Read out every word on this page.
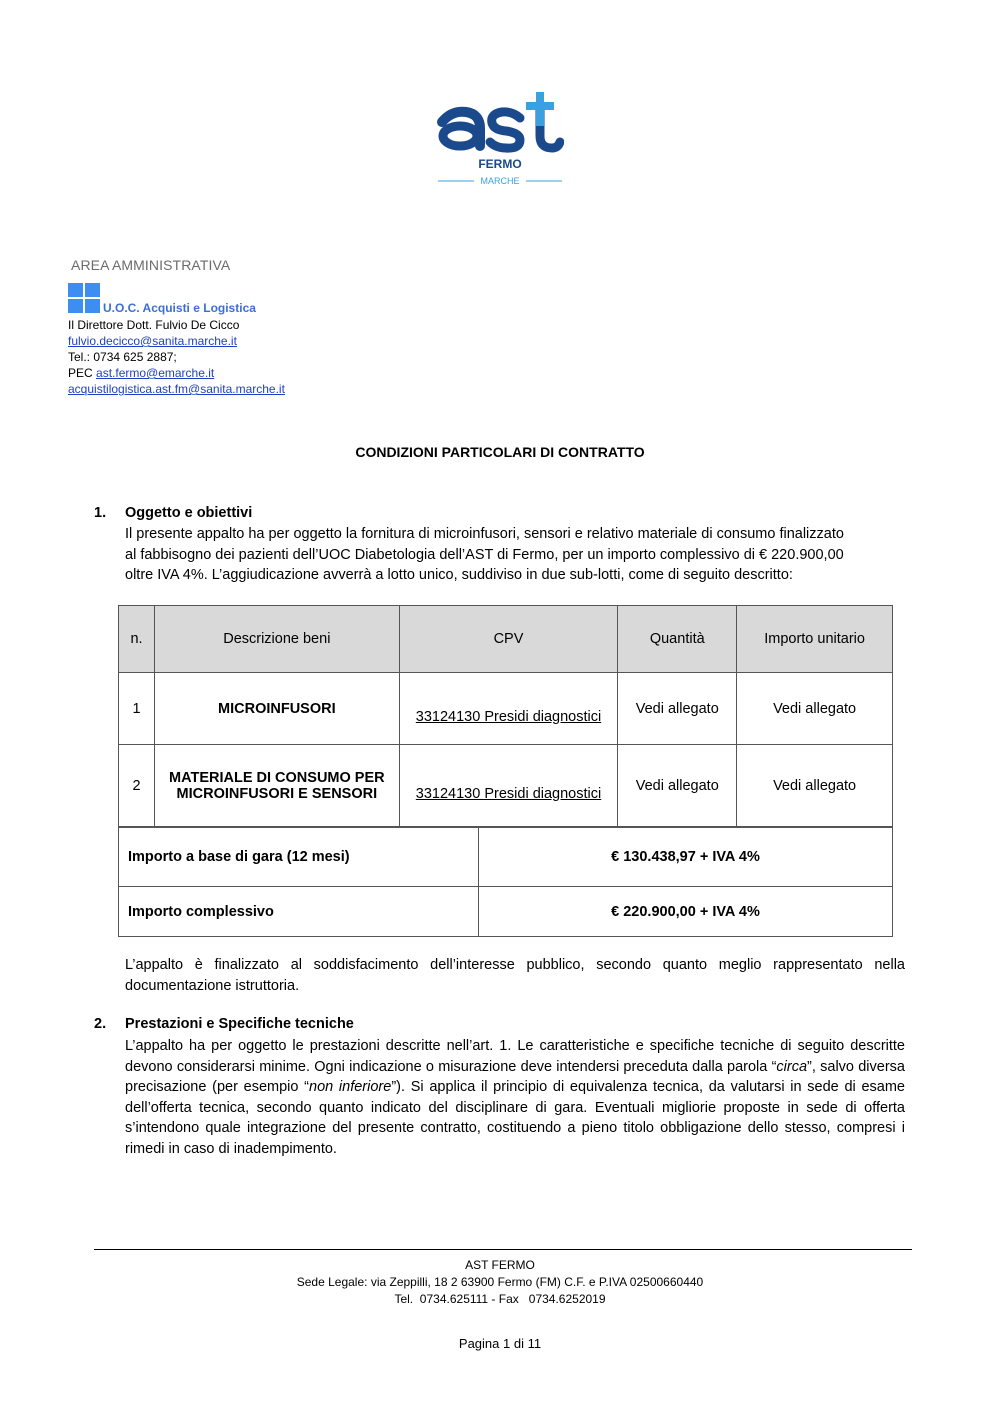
FERMO
MARCHE
AREA AMMINISTRATIVA
U.O.C. Acquisti e Logistica
Il Direttore Dott. Fulvio De Cicco
fulvio.decicco@sanita.marche.it
Tel.: 0734 625 2887;
PEC ast.fermo@emarche.it
acquistilogistica.ast.fm@sanita.marche.it
CONDIZIONI PARTICOLARI DI CONTRATTO
1. Oggetto e obiettivi
Il presente appalto ha per oggetto la fornitura di microinfusori, sensori e relativo materiale di consumo finalizzato
al fabbisogno dei pazienti dell’UOC Diabetologia dell’AST di Fermo, per un importo complessivo di € 220.900,00
oltre IVA 4%. L’aggiudicazione avverrà a lotto unico, suddiviso in due sub-lotti, come di seguito descritto:
n.	Descrizione beni	CPV	Quantità	Importo unitario
1	MICROINFUSORI	33124130 Presidi diagnostici	Vedi allegato	Vedi allegato
2	MATERIALE DI CONSUMO PER
MICROINFUSORI E SENSORI	33124130 Presidi diagnostici	Vedi allegato	Vedi allegato
Importo a base di gara (12 mesi)	€ 130.438,97 + IVA 4%
Importo complessivo	€ 220.900,00 + IVA 4%
L’appalto è finalizzato al soddisfacimento dell’interesse pubblico, secondo quanto meglio rappresentato nella documentazione istruttoria.
2. Prestazioni e Specifiche tecniche
L’appalto ha per oggetto le prestazioni descritte nell’art. 1. Le caratteristiche e specifiche tecniche di seguito descritte devono considerarsi minime. Ogni indicazione o misurazione deve intendersi preceduta dalla parola “circa”, salvo diversa precisazione (per esempio “non inferiore”). Si applica il principio di equivalenza tecnica, da valutarsi in sede di esame dell’offerta tecnica, secondo quanto indicato del disciplinare di gara. Eventuali migliorie proposte in sede di offerta s’intendono quale integrazione del presente contratto, costituendo a pieno titolo obbligazione dello stesso, compresi i rimedi in caso di inadempimento.
AST FERMO
Sede Legale: via Zeppilli, 18 2 63900 Fermo (FM) C.F. e P.IVA 02500660440
Tel.  0734.625111 - Fax   0734.6252019
Pagina 1 di 11
